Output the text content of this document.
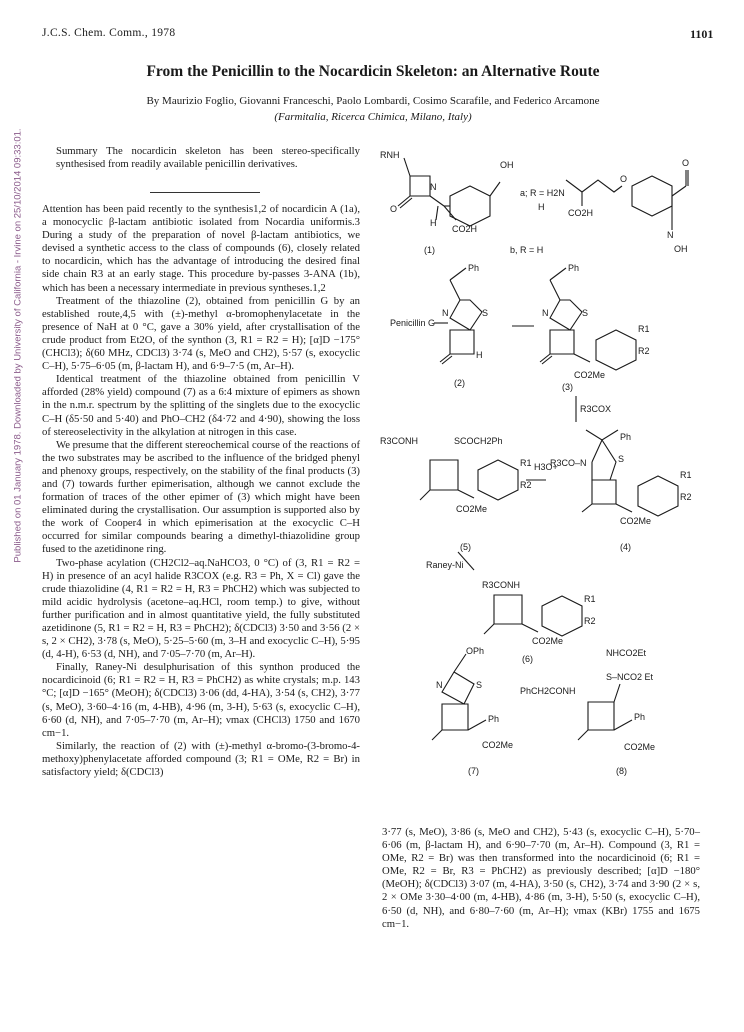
Published on 01 January 1978. Downloaded by University of California - Irvine on 25/10/2014 09:33:01.
J.C.S. Chem. Comm., 1978	1101
From the Penicillin to the Nocardicin Skeleton: an Alternative Route
By Maurizio Foglio, Giovanni Franceschi, Paolo Lombardi, Cosimo Scarafile, and Federico Arcamone
(Farmitalia, Ricerca Chimica, Milano, Italy)

Summary The nocardicin skeleton has been stereo-specifically synthesised from readily available penicillin derivatives.

Attention has been paid recently to the synthesis1,2 of nocardicin A (1a), a monocyclic β-lactam antibiotic isolated from Nocardia uniformis.3 During a study of the preparation of novel β-lactam antibiotics, we devised a synthetic access to the class of compounds (6), closely related to nocardicin, which has the advantage of introducing the desired final side chain R3 at an early stage. This procedure by-passes 3-ANA (1b), which has been a necessary intermediate in previous syntheses.1,2

Treatment of the thiazoline (2), obtained from penicillin G by an established route,4,5 with (±)-methyl α-bromophenylacetate in the presence of NaH at 0 °C, gave a 30% yield, after crystallisation of the crude product from Et2O, of the synthon (3, R1 = R2 = H); [α]D −175° (CHCl3); δ(60 MHz, CDCl3) 3·74 (s, MeO and CH2), 5·57 (s, exocyclic C–H), 5·75–6·05 (m, β-lactam H), and 6·9–7·5 (m, Ar–H).

Identical treatment of the thiazoline obtained from penicillin V afforded (28% yield) compound (7) as a 6:4 mixture of epimers as shown in the n.m.r. spectrum by the splitting of the singlets due to the exocyclic C–H (δ5·50 and 5·40) and PhO–CH2 (δ4·72 and 4·90), showing the loss of stereoselectivity in the alkylation at nitrogen in this case.

We presume that the different stereochemical course of the reactions of the two substrates may be ascribed to the influence of the bridged phenyl and phenoxy groups, respectively, on the stability of the final products (3) and (7) towards further epimerisation, although we cannot exclude the formation of traces of the other epimer of (3) which might have been eliminated during the crystallisation. Our assumption is supported also by the work of Cooper4 in which epimerisation at the exocyclic C–H occurred for similar compounds bearing a dimethyl-thiazolidine group fused to the azetidinone ring.

Two-phase acylation (CH2Cl2–aq.NaHCO3, 0 °C) of (3, R1 = R2 = H) in presence of an acyl halide R3COX (e.g. R3 = Ph, X = Cl) gave the crude thiazolidine (4, R1 = R2 = H, R3 = PhCH2) which was subjected to mild acidic hydrolysis (acetone–aq.HCl, room temp.) to give, without further purification and in almost quantitative yield, the fully substituted azetidinone (5, R1 = R2 = H, R3 = PhCH2); δ(CDCl3) 3·50 and 3·56 (2 × s, 2 × CH2), 3·78 (s, MeO), 5·25–5·60 (m, 3–H and exocyclic C–H), 5·95 (d, 4-H), 6·53 (d, NH), and 7·05–7·70 (m, Ar–H).

Finally, Raney-Ni desulphurisation of this synthon produced the nocardicinoid (6; R1 = R2 = H, R3 = PhCH2) as white crystals; m.p. 143 °C; [α]D −165° (MeOH); δ(CDCl3) 3·06 (dd, 4-HA), 3·54 (s, CH2), 3·77 (s, MeO), 3·60–4·16 (m, 4-HB), 4·96 (m, 3-H), 5·63 (s, exocyclic C–H), 6·60 (d, NH), and 7·05–7·70 (m, Ar–H); νmax (CHCl3) 1750 and 1670 cm−1.

Similarly, the reaction of (2) with (±)-methyl α-bromo-(3-bromo-4-methoxy)phenylacetate afforded compound (3; R1 = OMe, R2 = Br) in satisfactory yield; δ(CDCl3)

3·77 (s, MeO), 3·86 (s, MeO and CH2), 5·43 (s, exocyclic C–H), 5·70–6·06 (m, β-lactam H), and 6·90–7·70 (m, Ar–H). Compound (3, R1 = OMe, R2 = Br) was then transformed into the nocardicinoid (6; R1 = OMe, R2 = Br, R3 = PhCH2) as previously described; [α]D −180° (MeOH); δ(CDCl3) 3·07 (m, 4-HA), 3·50 (s, CH2), 3·74 and 3·90 (2 × s, 2 × OMe 3·30–4·00 (m, 4-HB), 4·86 (m, 3-H), 5·50 (s, exocyclic C–H), 6·50 (d, NH), and 6·80–7·60 (m, Ar–H); νmax (KBr) 1755 and 1675 cm−1.

RNH
OH
O
N
H
CO2H
(1)
a; R = H2N
H
CO2H
O
O
N
OH
b, R = H
Penicillin G
Ph
N	S
H
(2)
Ph
N	S
R1
R2
CO2Me
(3)
R3COX
Ph
R3CO–N	S
R1
R2
CO2Me
(4)
H3O+
R3CONH	SCOCH2Ph
R1
R2
CO2Me
(5)
Raney-Ni
R3CONH
R1
R2
CO2Me
(6)
OPh
N	S
Ph
CO2Me
(7)
NHCO2Et
S–NCO2 Et
PhCH2CONH
Ph
CO2Me
(8)
